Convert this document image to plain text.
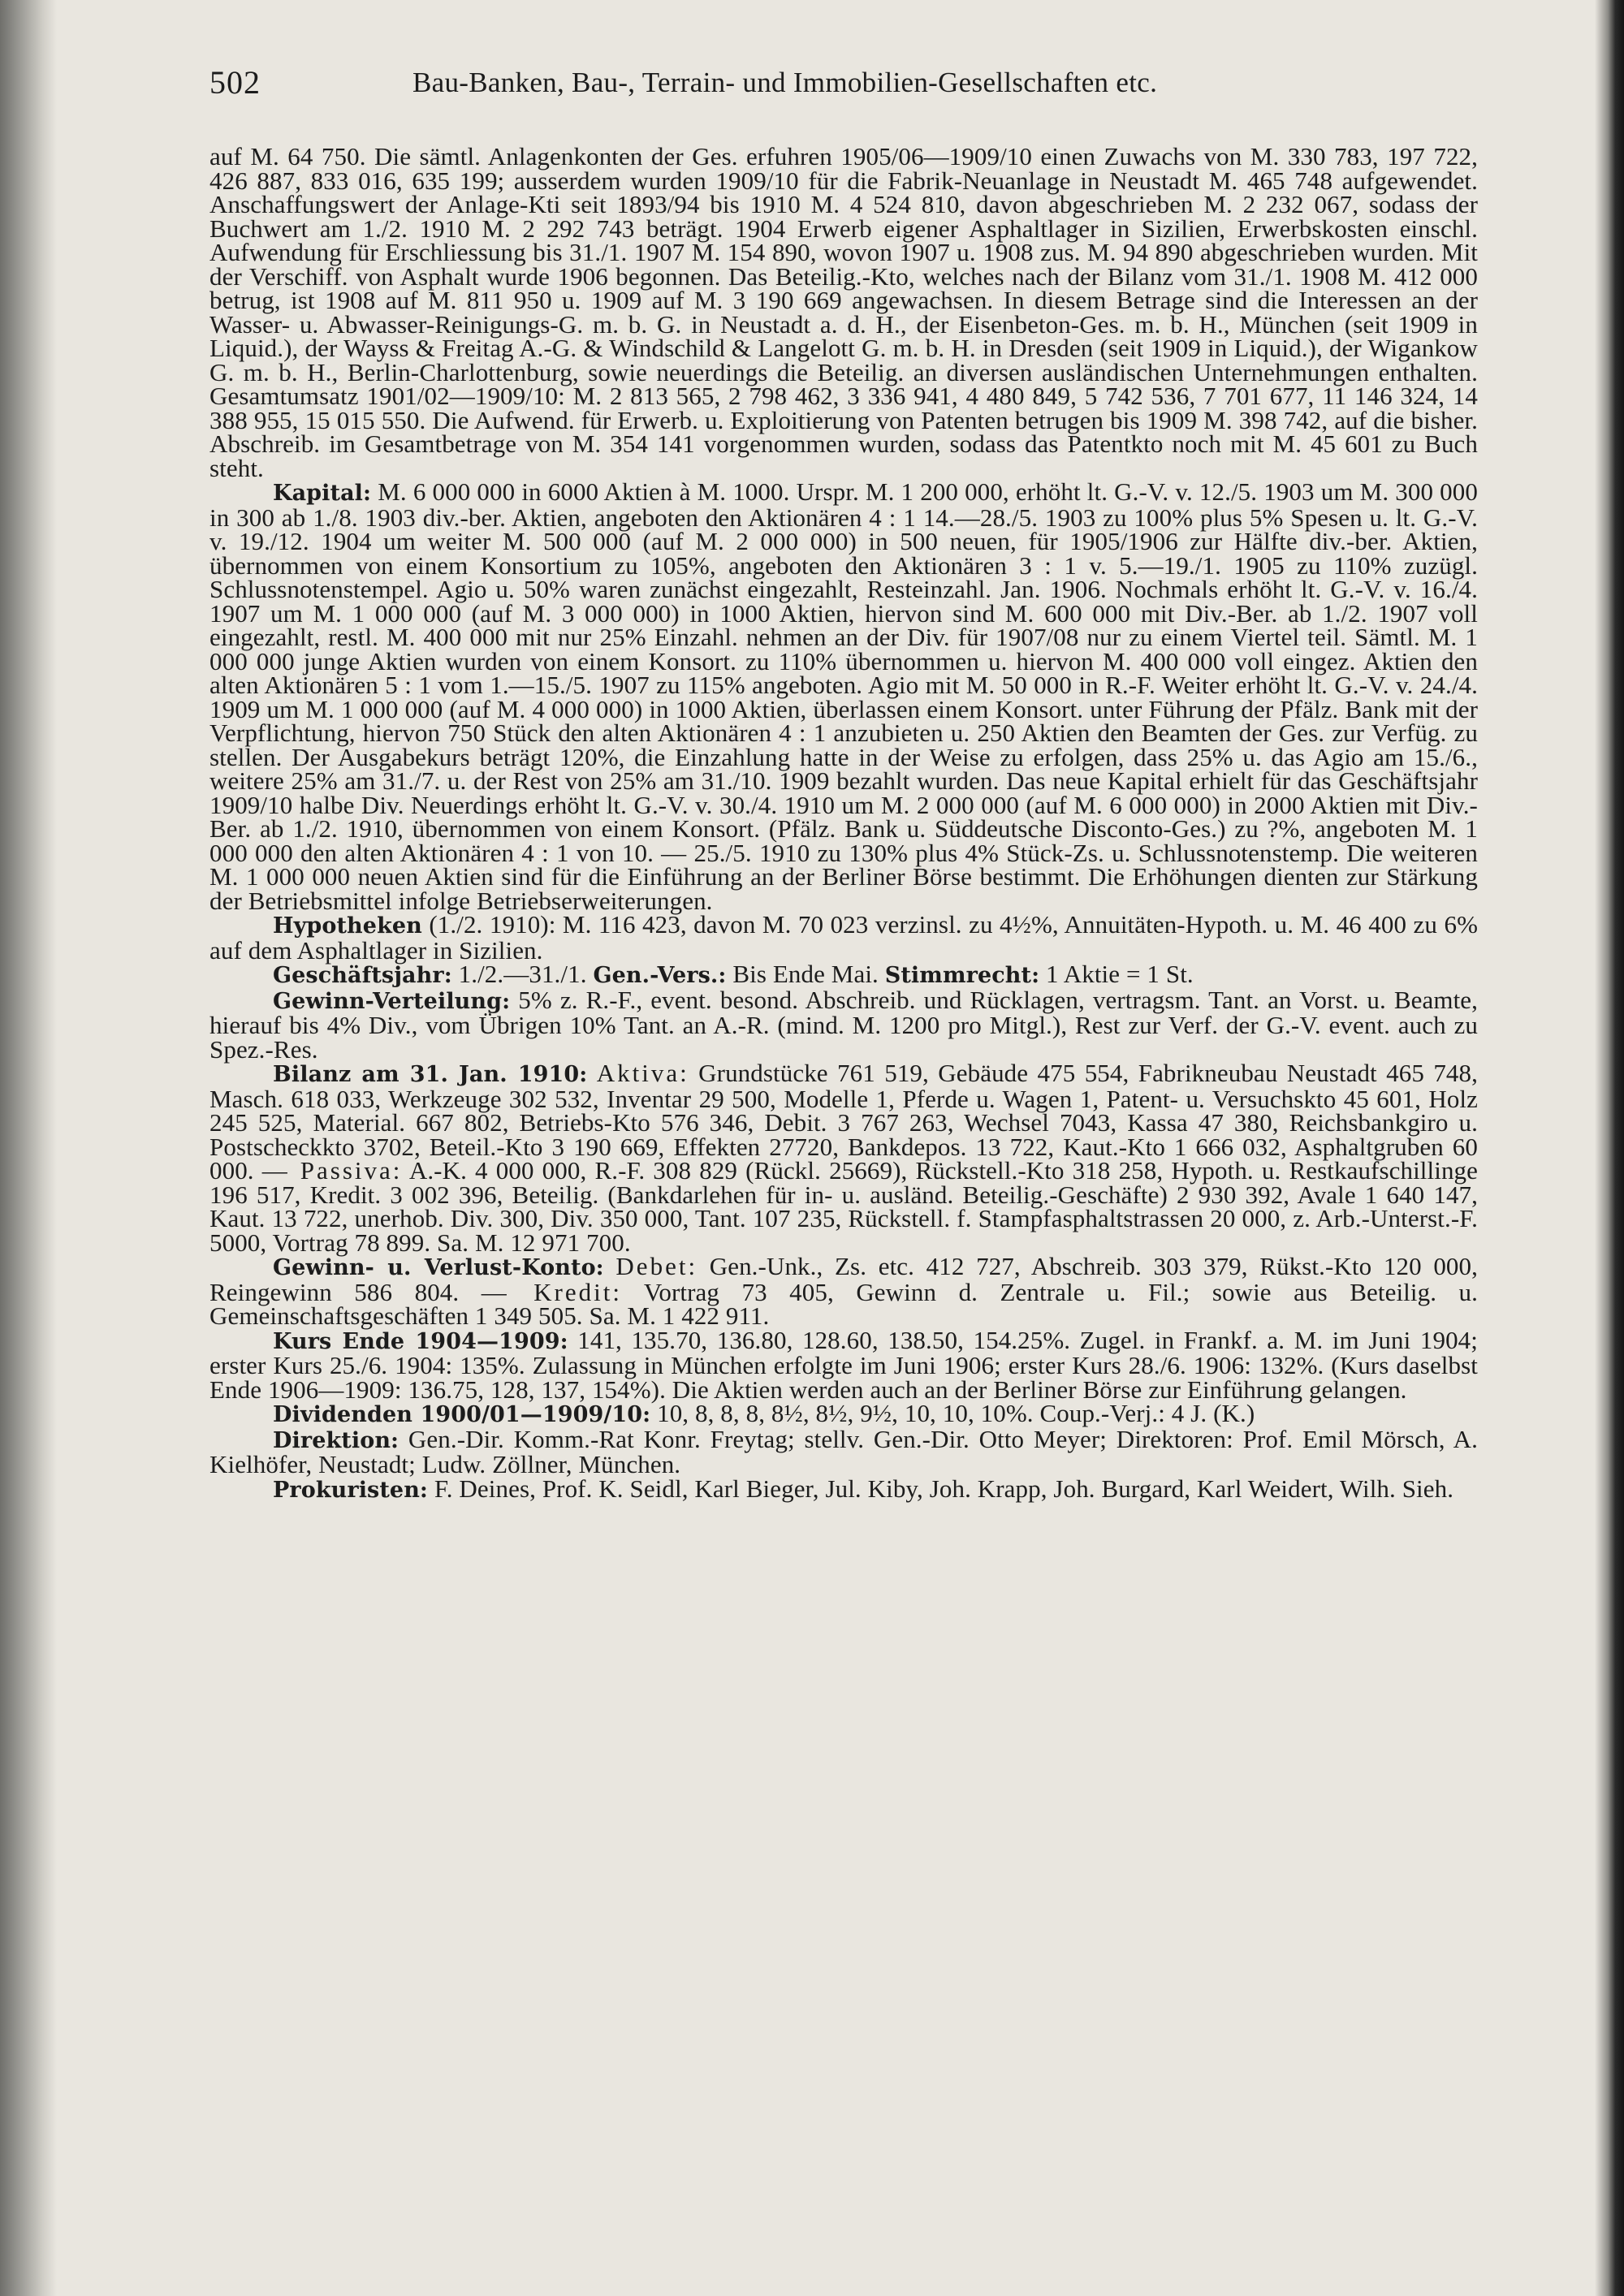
502	Bau-Banken, Bau-, Terrain- und Immobilien-Gesellschaften etc.

auf M. 64 750. Die sämtl. Anlagenkonten der Ges. erfuhren 1905/06—1909/10 einen Zuwachs von M. 330 783, 197 722, 426 887, 833 016, 635 199; ausserdem wurden 1909/10 für die Fabrik-Neuanlage in Neustadt M. 465 748 aufgewendet. Anschaffungswert der Anlage-Kti seit 1893/94 bis 1910 M. 4 524 810, davon abgeschrieben M. 2 232 067, sodass der Buchwert am 1./2. 1910 M. 2 292 743 beträgt. 1904 Erwerb eigener Asphaltlager in Sizilien, Erwerbskosten einschl. Aufwendung für Erschliessung bis 31./1. 1907 M. 154 890, wovon 1907 u. 1908 zus. M. 94 890 abgeschrieben wurden. Mit der Verschiff. von Asphalt wurde 1906 begonnen. Das Beteilig.-Kto, welches nach der Bilanz vom 31./1. 1908 M. 412 000 betrug, ist 1908 auf M. 811 950 u. 1909 auf M. 3 190 669 angewachsen. In diesem Betrage sind die Interessen an der Wasser- u. Abwasser-Reinigungs-G. m. b. G. in Neustadt a. d. H., der Eisenbeton-Ges. m. b. H., München (seit 1909 in Liquid.), der Wayss & Freitag A.-G. & Windschild & Langelott G. m. b. H. in Dresden (seit 1909 in Liquid.), der Wigankow G. m. b. H., Berlin-Charlottenburg, sowie neuerdings die Beteilig. an diversen ausländischen Unternehmungen enthalten. Gesamtumsatz 1901/02—1909/10: M. 2 813 565, 2 798 462, 3 336 941, 4 480 849, 5 742 536, 7 701 677, 11 146 324, 14 388 955, 15 015 550. Die Aufwend. für Erwerb. u. Exploitierung von Patenten betrugen bis 1909 M. 398 742, auf die bisher. Abschreib. im Gesamtbetrage von M. 354 141 vorgenommen wurden, sodass das Patentkto noch mit M. 45 601 zu Buch steht.

Kapital: M. 6 000 000 in 6000 Aktien à M. 1000. Urspr. M. 1 200 000, erhöht lt. G.-V. v. 12./5. 1903 um M. 300 000 in 300 ab 1./8. 1903 div.-ber. Aktien, angeboten den Aktionären 4 : 1 14.—28./5. 1903 zu 100% plus 5% Spesen u. lt. G.-V. v. 19./12. 1904 um weiter M. 500 000 (auf M. 2 000 000) in 500 neuen, für 1905/1906 zur Hälfte div.-ber. Aktien, übernommen von einem Konsortium zu 105%, angeboten den Aktionären 3 : 1 v. 5.—19./1. 1905 zu 110% zuzügl. Schlussnotenstempel. Agio u. 50% waren zunächst eingezahlt, Resteinzahl. Jan. 1906. Nochmals erhöht lt. G.-V. v. 16./4. 1907 um M. 1 000 000 (auf M. 3 000 000) in 1000 Aktien, hiervon sind M. 600 000 mit Div.-Ber. ab 1./2. 1907 voll eingezahlt, restl. M. 400 000 mit nur 25% Einzahl. nehmen an der Div. für 1907/08 nur zu einem Viertel teil. Sämtl. M. 1 000 000 junge Aktien wurden von einem Konsort. zu 110% übernommen u. hiervon M. 400 000 voll eingez. Aktien den alten Aktionären 5 : 1 vom 1.—15./5. 1907 zu 115% angeboten. Agio mit M. 50 000 in R.-F. Weiter erhöht lt. G.-V. v. 24./4. 1909 um M. 1 000 000 (auf M. 4 000 000) in 1000 Aktien, überlassen einem Konsort. unter Führung der Pfälz. Bank mit der Verpflichtung, hiervon 750 Stück den alten Aktionären 4 : 1 anzubieten u. 250 Aktien den Beamten der Ges. zur Verfüg. zu stellen. Der Ausgabekurs beträgt 120%, die Einzahlung hatte in der Weise zu erfolgen, dass 25% u. das Agio am 15./6., weitere 25% am 31./7. u. der Rest von 25% am 31./10. 1909 bezahlt wurden. Das neue Kapital erhielt für das Geschäftsjahr 1909/10 halbe Div. Neuerdings erhöht lt. G.-V. v. 30./4. 1910 um M. 2 000 000 (auf M. 6 000 000) in 2000 Aktien mit Div.-Ber. ab 1./2. 1910, übernommen von einem Konsort. (Pfälz. Bank u. Süddeutsche Disconto-Ges.) zu ?%, angeboten M. 1 000 000 den alten Aktionären 4 : 1 von 10. — 25./5. 1910 zu 130% plus 4% Stück-Zs. u. Schlussnotenstemp. Die weiteren M. 1 000 000 neuen Aktien sind für die Einführung an der Berliner Börse bestimmt. Die Erhöhungen dienten zur Stärkung der Betriebsmittel infolge Betriebserweiterungen.

Hypotheken (1./2. 1910): M. 116 423, davon M. 70 023 verzinsl. zu 4½%, Annuitäten-Hypoth. u. M. 46 400 zu 6% auf dem Asphaltlager in Sizilien.

Geschäftsjahr: 1./2.—31./1. Gen.-Vers.: Bis Ende Mai. Stimmrecht: 1 Aktie = 1 St.

Gewinn-Verteilung: 5% z. R.-F., event. besond. Abschreib. und Rücklagen, vertragsm. Tant. an Vorst. u. Beamte, hierauf bis 4% Div., vom Übrigen 10% Tant. an A.-R. (mind. M. 1200 pro Mitgl.), Rest zur Verf. der G.-V. event. auch zu Spez.-Res.

Bilanz am 31. Jan. 1910: Aktiva: Grundstücke 761 519, Gebäude 475 554, Fabrikneubau Neustadt 465 748, Masch. 618 033, Werkzeuge 302 532, Inventar 29 500, Modelle 1, Pferde u. Wagen 1, Patent- u. Versuchsktо 45 601, Holz 245 525, Material. 667 802, Betriebs-Kto 576 346, Debit. 3 767 263, Wechsel 7043, Kassa 47 380, Reichsbankgiro u. Postscheckkto 3702, Beteil.-Kto 3 190 669, Effekten 27720, Bankdepos. 13 722, Kaut.-Kto 1 666 032, Asphaltgruben 60 000. — Passiva: A.-K. 4 000 000, R.-F. 308 829 (Rückl. 25669), Rückstell.-Kto 318 258, Hypoth. u. Restkaufschillinge 196 517, Kredit. 3 002 396, Beteilig. (Bankdarlehen für in- u. ausländ. Beteilig.-Geschäfte) 2 930 392, Avale 1 640 147, Kaut. 13 722, unerhob. Div. 300, Div. 350 000, Tant. 107 235, Rückstell. f. Stampfasphaltstrassen 20 000, z. Arb.-Unterst.-F. 5000, Vortrag 78 899. Sa. M. 12 971 700.

Gewinn- u. Verlust-Konto: Debet: Gen.-Unk., Zs. etc. 412 727, Abschreib. 303 379, Rükst.-Kto 120 000, Reingewinn 586 804. — Kredit: Vortrag 73 405, Gewinn d. Zentrale u. Fil.; sowie aus Beteilig. u. Gemeinschaftsgeschäften 1 349 505. Sa. M. 1 422 911.

Kurs Ende 1904—1909: 141, 135.70, 136.80, 128.60, 138.50, 154.25%. Zugel. in Frankf. a. M. im Juni 1904; erster Kurs 25./6. 1904: 135%. Zulassung in München erfolgte im Juni 1906; erster Kurs 28./6. 1906: 132%. (Kurs daselbst Ende 1906—1909: 136.75, 128, 137, 154%). Die Aktien werden auch an der Berliner Börse zur Einführung gelangen.

Dividenden 1900/01—1909/10: 10, 8, 8, 8, 8½, 8½, 9½, 10, 10, 10%. Coup.-Verj.: 4 J. (K.)

Direktion: Gen.-Dir. Komm.-Rat Konr. Freytag; stellv. Gen.-Dir. Otto Meyer; Direktoren: Prof. Emil Mörsch, A. Kielhöfer, Neustadt; Ludw. Zöllner, München.

Prokuristen: F. Deines, Prof. K. Seidl, Karl Bieger, Jul. Kiby, Joh. Krapp, Joh. Burgard, Karl Weidert, Wilh. Sieh.
